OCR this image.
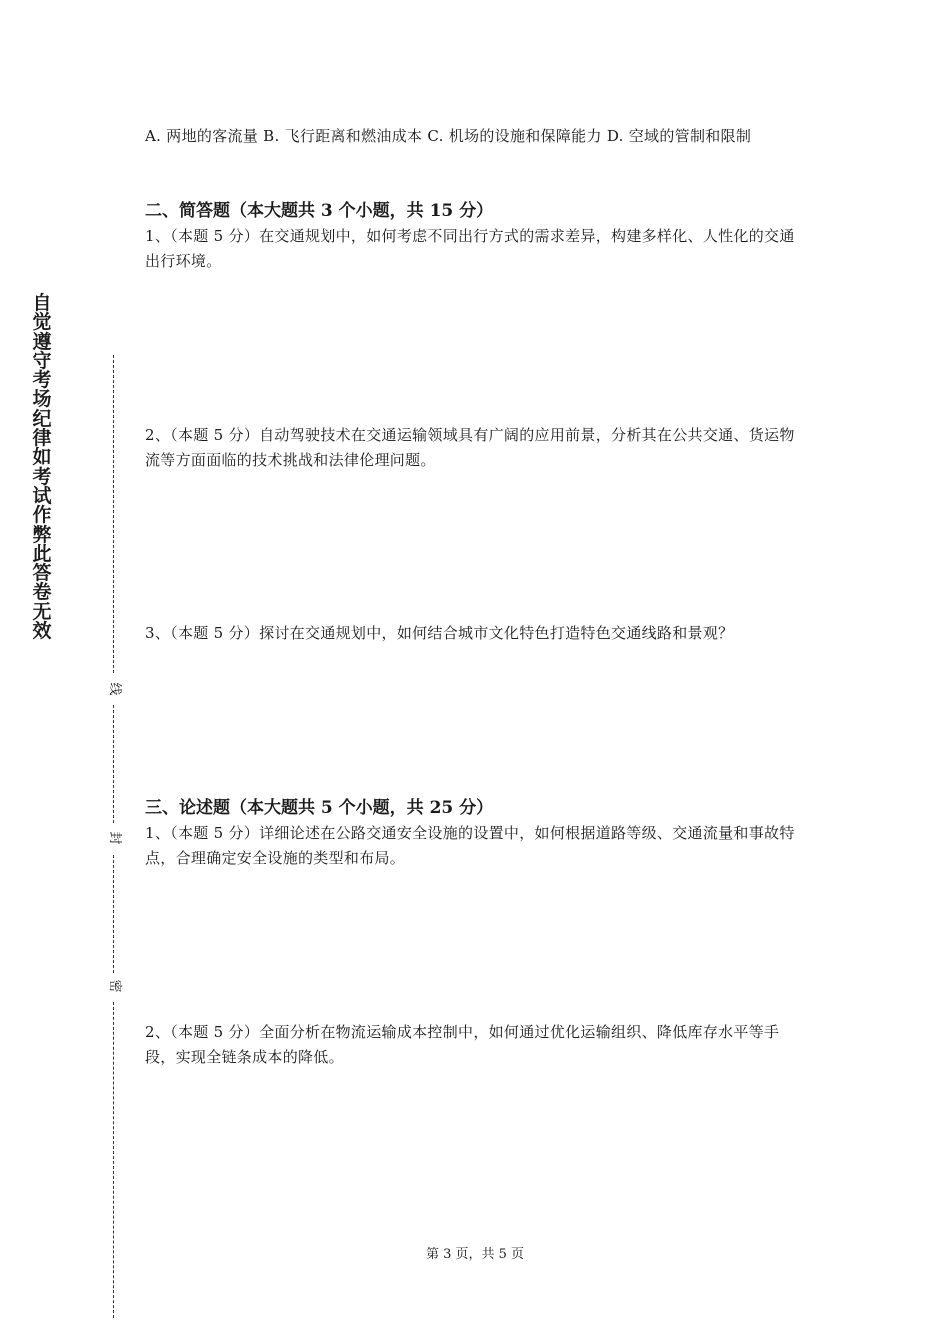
自觉遵守考场纪律如考试作弊此答卷无效
线
封
密
A. 两地的客流量 B. 飞行距离和燃油成本 C. 机场的设施和保障能力 D. 空域的管制和限制
二、简答题（本大题共 3 个小题，共 15 分）
1、（本题 5 分）在交通规划中，如何考虑不同出行方式的需求差异，构建多样化、人性化的交通出行环境。
2、（本题 5 分）自动驾驶技术在交通运输领域具有广阔的应用前景，分析其在公共交通、货运物流等方面面临的技术挑战和法律伦理问题。
3、（本题 5 分）探讨在交通规划中，如何结合城市文化特色打造特色交通线路和景观？
三、论述题（本大题共 5 个小题，共 25 分）
1、（本题 5 分）详细论述在公路交通安全设施的设置中，如何根据道路等级、交通流量和事故特点，合理确定安全设施的类型和布局。
2、（本题 5 分）全面分析在物流运输成本控制中，如何通过优化运输组织、降低库存水平等手段，实现全链条成本的降低。
第 3 页，共 5 页
